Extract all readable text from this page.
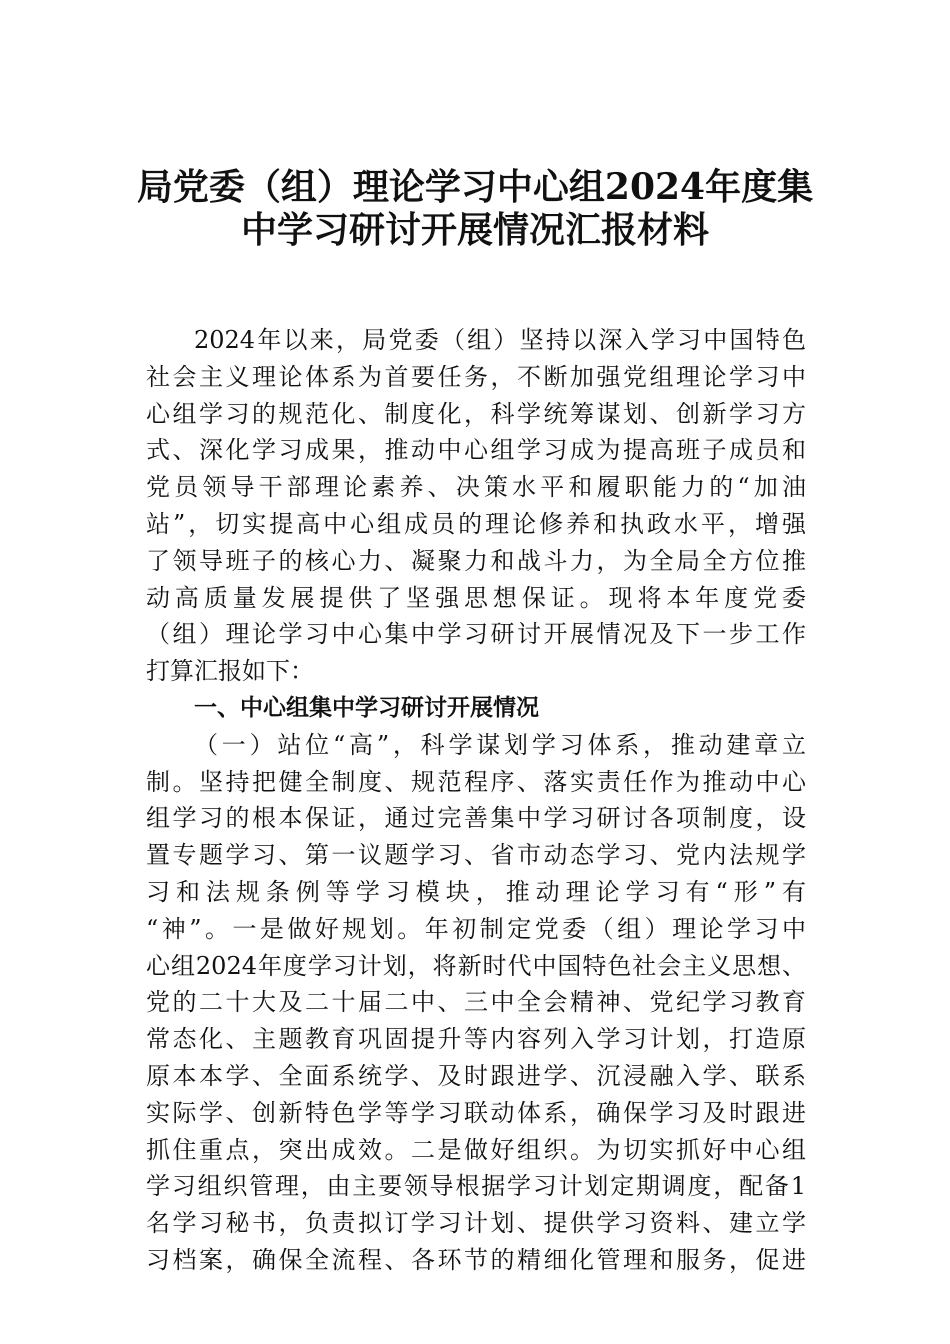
局党委（组）理论学习中心组2024年度集
中学习研讨开展情况汇报材料
2024年以来，局党委（组）坚持以深入学习中国特色
社会主义理论体系为首要任务，不断加强党组理论学习中
心组学习的规范化、制度化，科学统筹谋划、创新学习方
式、深化学习成果，推动中心组学习成为提高班子成员和
党员领导干部理论素养、决策水平和履职能力的“加油
站”，切实提高中心组成员的理论修养和执政水平，增强
了领导班子的核心力、凝聚力和战斗力，为全局全方位推
动高质量发展提供了坚强思想保证。现将本年度党委
（组）理论学习中心集中学习研讨开展情况及下一步工作
打算汇报如下：
一、中心组集中学习研讨开展情况
（一）站位“高”，科学谋划学习体系，推动建章立
制。坚持把健全制度、规范程序、落实责任作为推动中心
组学习的根本保证，通过完善集中学习研讨各项制度，设
置专题学习、第一议题学习、省市动态学习、党内法规学
习和法规条例等学习模块，推动理论学习有“形”有
“神”。一是做好规划。年初制定党委（组）理论学习中
心组2024年度学习计划，将新时代中国特色社会主义思想、
党的二十大及二十届二中、三中全会精神、党纪学习教育
常态化、主题教育巩固提升等内容列入学习计划，打造原
原本本学、全面系统学、及时跟进学、沉浸融入学、联系
实际学、创新特色学等学习联动体系，确保学习及时跟进
抓住重点，突出成效。二是做好组织。为切实抓好中心组
学习组织管理，由主要领导根据学习计划定期调度，配备1
名学习秘书，负责拟订学习计划、提供学习资料、建立学
习档案，确保全流程、各环节的精细化管理和服务，促进
